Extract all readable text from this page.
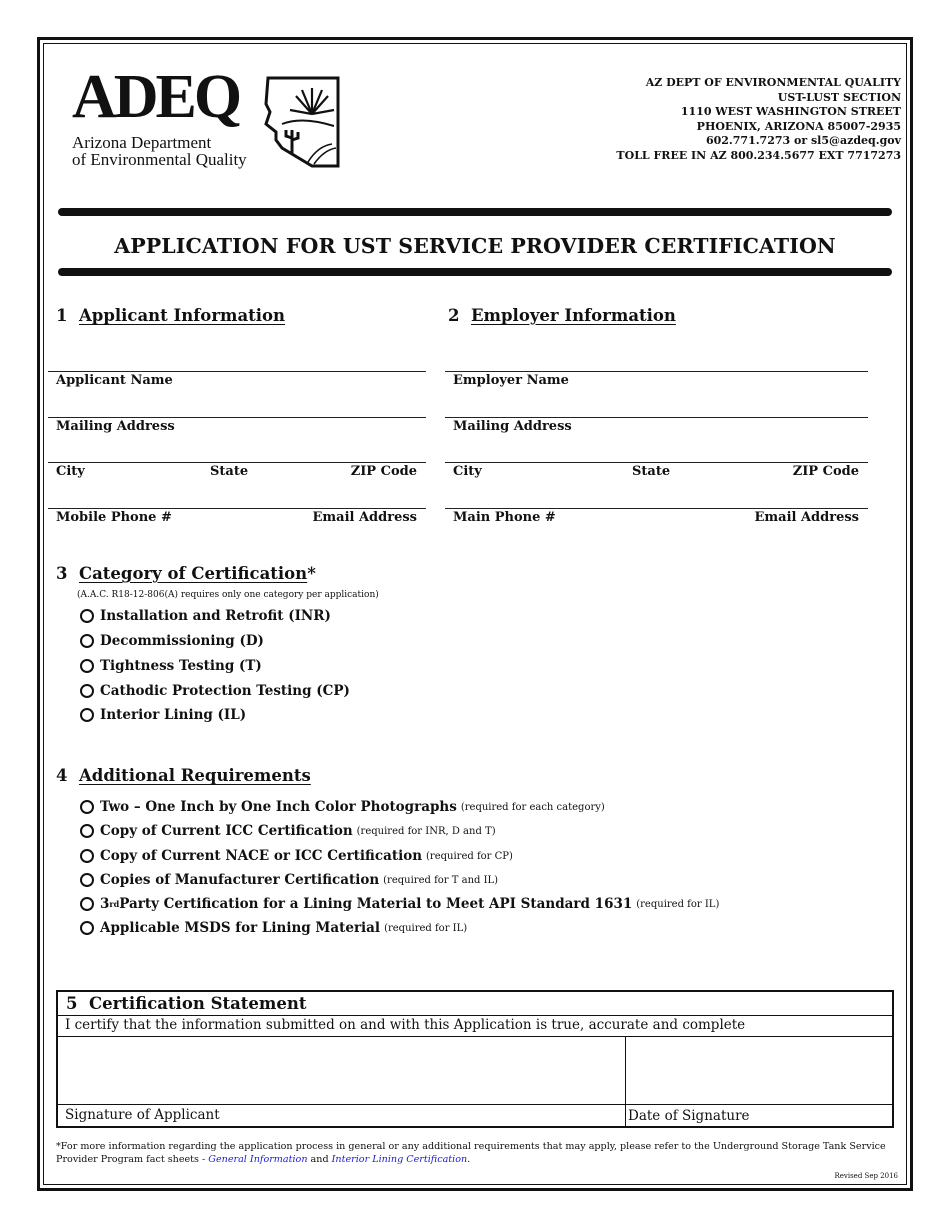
ADEQ
Arizona Department
of Environmental Quality
AZ DEPT OF ENVIRONMENTAL QUALITY
UST-LUST SECTION
1110 WEST WASHINGTON STREET
PHOENIX, ARIZONA 85007-2935
602.771.7273 or sl5@azdeq.gov
TOLL FREE IN AZ 800.234.5677 EXT 7717273
APPLICATION FOR UST SERVICE PROVIDER CERTIFICATION
1 Applicant Information
Applicant Name
Mailing Address
City	State	ZIP Code
Mobile Phone #	Email Address
2 Employer Information
Employer Name
Mailing Address
City	State	ZIP Code
Main Phone #	Email Address
3 Category of Certification*
(A.A.C. R18-12-806(A) requires only one category per application)
Installation and Retrofit (INR)
Decommissioning (D)
Tightness Testing (T)
Cathodic Protection Testing (CP)
Interior Lining (IL)
4 Additional Requirements
Two – One Inch by One Inch Color Photographs (required for each category)
Copy of Current ICC Certification (required for INR, D and T)
Copy of Current NACE or ICC Certification (required for CP)
Copies of Manufacturer Certification (required for T and IL)
3 rd Party Certification for a Lining Material to Meet API Standard 1631 (required for IL)
Applicable MSDS for Lining Material (required for IL)
5 Certification Statement
I certify that the information submitted on and with this Application is true, accurate and complete
Signature of Applicant	Date of Signature
*For more information regarding the application process in general or any additional requirements that may apply, please refer to the Underground Storage Tank Service Provider Program fact sheets - General Information and Interior Lining Certification.
Revised Sep 2016
